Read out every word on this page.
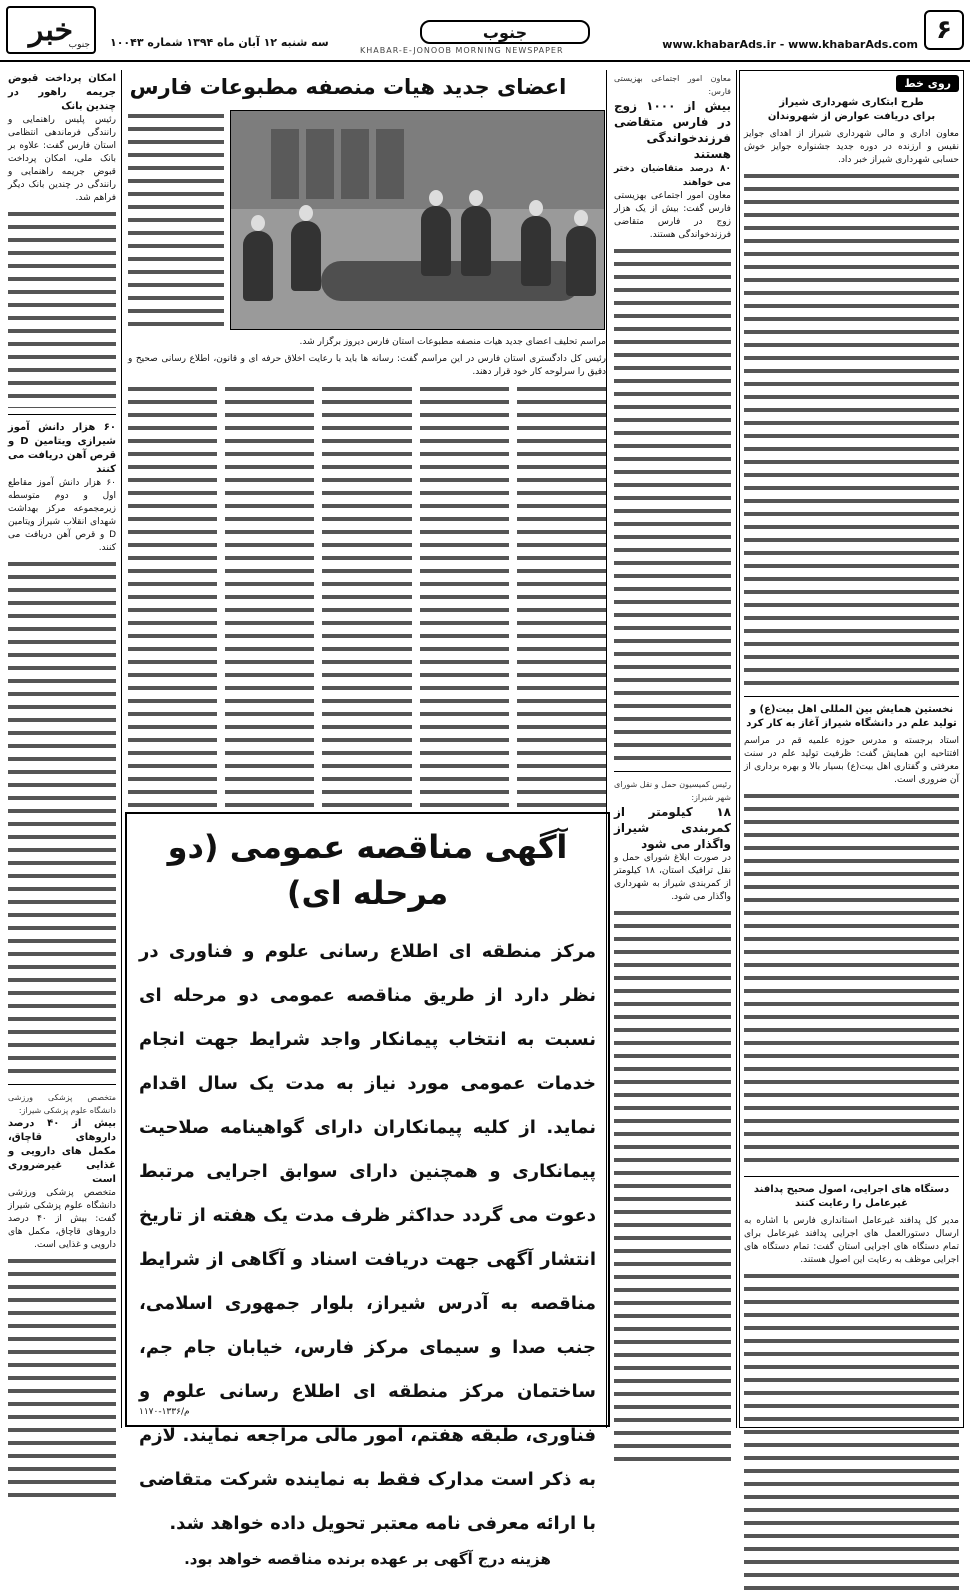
خبر
جنوب سه شنبه ۱۲ آبان ماه ۱۳۹۴ شماره ۱۰۰۴۳
جنوب
KHABAR-E-JONOOB MORNING NEWSPAPER	www.khabarAds.ir - www.khabarAds.com ۶
روی خط
طرح ابتکاری شهرداری شیراز
برای دریافت عوارض از شهروندان

معاون اداری و مالی شهرداری شیراز از اهدای جوایز نقیس و ارزنده در دوره جدید جشنواره جوایز خوش حسابی شهرداری شیراز خبر داد.

نخستین همایش بین المللی اهل بیت(ع) و تولید علم در دانشگاه شیراز آغاز به کار کرد

استاد برجسته و مدرس حوزه علمیه قم در مراسم افتتاحیه این همایش گفت: ظرفیت تولید علم در سنت معرفتی و گفتاری اهل بیت(ع) بسیار بالا و بهره برداری از آن ضروری است.

دستگاه های اجرایی، اصول صحیح پدافند غیرعامل را رعایت کنند

مدیر کل پدافند غیرعامل استانداری فارس با اشاره به ارسال دستورالعمل های اجرایی پدافند غیرعامل برای تمام دستگاه های اجرایی استان گفت: تمام دستگاه های اجرایی موظف به رعایت این اصول هستند.

معاون امور اجتماعی بهزیستی فارس:
بیش از ۱۰۰۰ زوج در فارس متقاضی فرزندخواندگی هستند
۸۰ درصد متقاضیان دختر می خواهند

معاون امور اجتماعی بهزیستی فارس گفت: بیش از یک هزار زوج در فارس متقاضی فرزندخواندگی هستند.

رئیس کمیسیون حمل و نقل شورای شهر شیراز:
۱۸ کیلومتر از کمربندی شیراز واگذار می شود

در صورت ابلاغ شورای حمل و نقل ترافیک استان، ۱۸ کیلومتر از کمربندی شیراز به شهرداری واگذار می شود.

اعضای جدید هیات منصفه مطبوعات فارس

مراسم تحلیف اعضای جدید هیات منصفه مطبوعات استان فارس دیروز برگزار شد.

رئیس کل دادگستری استان فارس در این مراسم گفت: رسانه ها باید با رعایت اخلاق حرفه ای و قانون، اطلاع رسانی صحیح و دقیق را سرلوحه کار خود قرار دهند.

آگهی مناقصه عمومی (دو مرحله ای)
مرکز منطقه ای اطلاع رسانی علوم و فناوری در نظر دارد از طریق مناقصه عمومی دو مرحله ای نسبت به انتخاب پیمانکار واجد شرایط جهت انجام خدمات عمومی مورد نیاز به مدت یک سال اقدام نماید. از کلیه پیمانکاران دارای گواهینامه صلاحیت پیمانکاری و همچنین دارای سوابق اجرایی مرتبط دعوت می گردد حداکثر ظرف مدت یک هفته از تاریخ انتشار آگهی جهت دریافت اسناد و آگاهی از شرایط مناقصه به آدرس شیراز، بلوار جمهوری اسلامی، جنب صدا و سیمای مرکز فارس، خیابان جام جم، ساختمان مرکز منطقه ای اطلاع رسانی علوم و فناوری، طبقه هفتم، امور مالی مراجعه نمایند. لازم به ذکر است مدارک فقط به نماینده شرکت متقاضی با ارائه معرفی نامه معتبر تحویل داده خواهد شد.
هزینه درج آگهی بر عهده برنده مناقصه خواهد بود.
م/۱۳۳۶-۱۱۷۰
امکان پرداخت قبوض جریمه راهور در چندین بانک

رئیس پلیس راهنمایی و رانندگی فرماندهی انتظامی استان فارس گفت: علاوه بر بانک ملی، امکان پرداخت قبوض جریمه راهنمایی و رانندگی در چندین بانک دیگر فراهم شد.

۶۰ هزار دانش آموز شیرازی ویتامین D و قرص آهن دریافت می کنند

۶۰ هزار دانش آموز مقاطع اول و دوم متوسطه زیرمجموعه مرکز بهداشت شهدای انقلاب شیراز ویتامین D و قرص آهن دریافت می کنند.

متخصص پزشکی ورزشی دانشگاه علوم پزشکی شیراز:
بیش از ۴۰ درصد داروهای قاچاق، مکمل های دارویی و غذایی غیرضروری است

متخصص پزشکی ورزشی دانشگاه علوم پزشکی شیراز گفت: بیش از ۴۰ درصد داروهای قاچاق، مکمل های دارویی و غذایی است.
